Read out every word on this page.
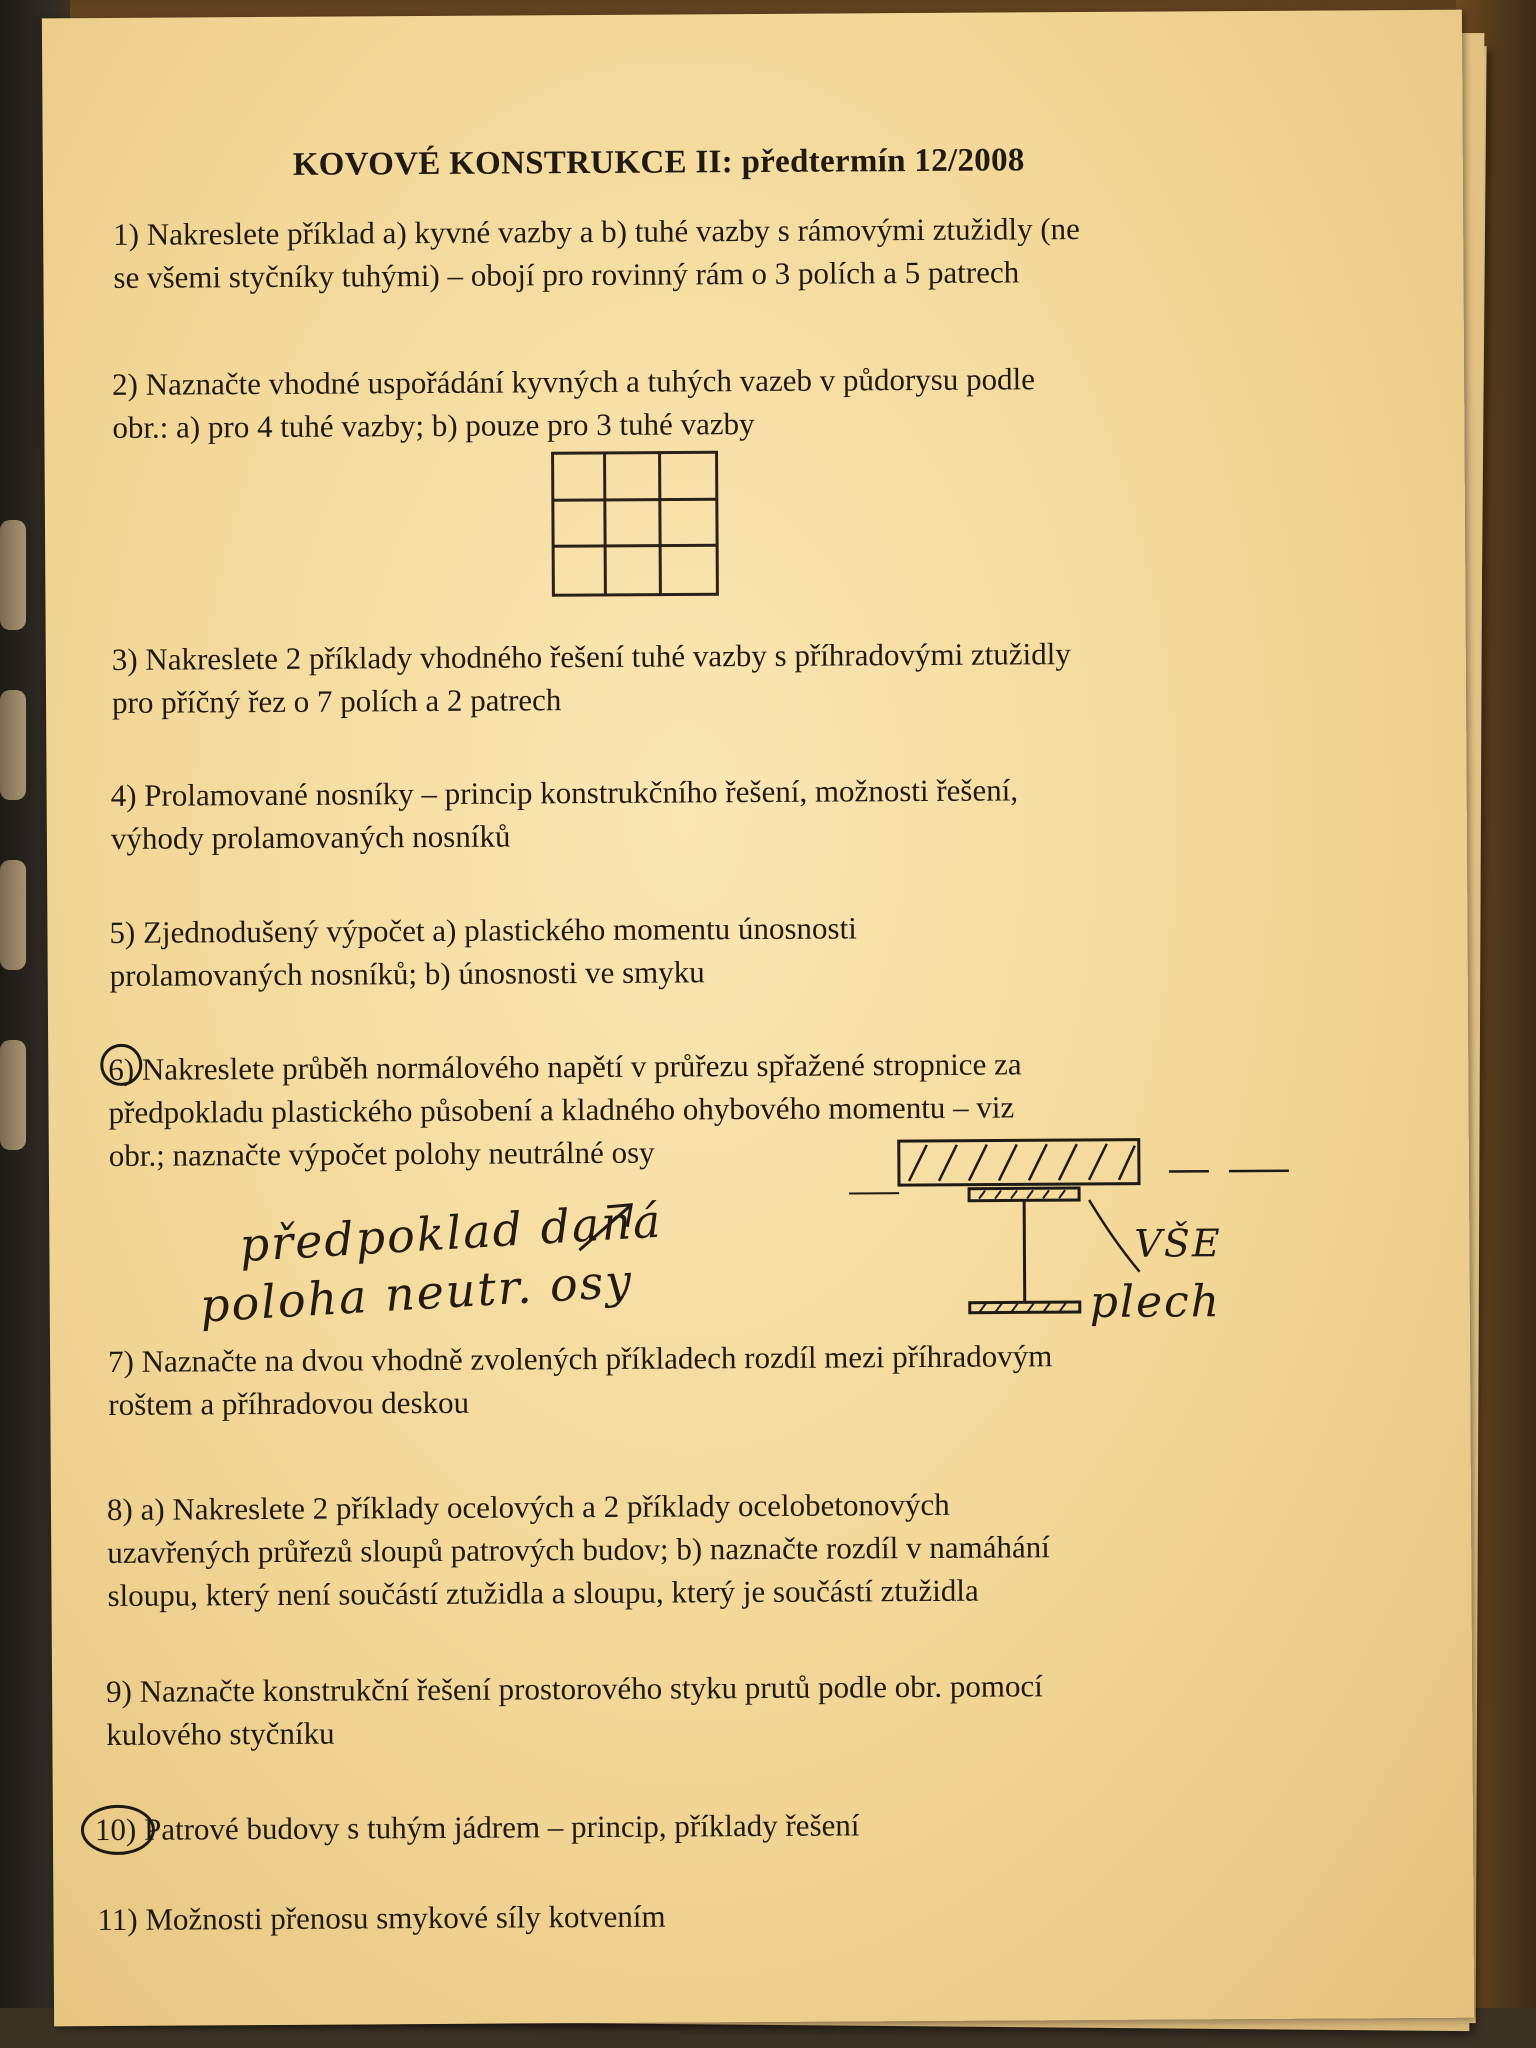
KOVOVÉ KONSTRUKCE II: předtermín 12/2008
1) Nakreslete příklad a) kyvné vazby a b) tuhé vazby s rámovými ztužidly (ne
se všemi styčníky tuhými) – obojí pro rovinný rám o 3 polích a 5 patrech
2) Naznačte vhodné uspořádání kyvných a tuhých vazeb v půdorysu podle
obr.: a) pro 4 tuhé vazby; b) pouze pro 3 tuhé vazby
3) Nakreslete 2 příklady vhodného řešení tuhé vazby s příhradovými ztužidly
pro příčný řez o 7 polích a 2 patrech
4) Prolamované nosníky – princip konstrukčního řešení, možnosti řešení,
výhody prolamovaných nosníků
5) Zjednodušený výpočet a) plastického momentu únosnosti
prolamovaných nosníků; b) únosnosti ve smyku
6) Nakreslete průběh normálového napětí v průřezu spřažené stropnice za
předpokladu plastického působení a kladného ohybového momentu – viz
obr.; naznačte výpočet polohy neutrálné osy
předpoklad daná
poloha neutr. osy
VŠE
plech
7) Naznačte na dvou vhodně zvolených příkladech rozdíl mezi příhradovým
roštem a příhradovou deskou
8) a) Nakreslete 2 příklady ocelových a 2 příklady ocelobetonových
uzavřených průřezů sloupů patrových budov; b) naznačte rozdíl v namáhání
sloupu, který není součástí ztužidla a sloupu, který je součástí ztužidla
9) Naznačte konstrukční řešení prostorového styku prutů podle obr. pomocí
kulového styčníku
10) Patrové budovy s tuhým jádrem – princip, příklady řešení
11) Možnosti přenosu smykové síly kotvením
